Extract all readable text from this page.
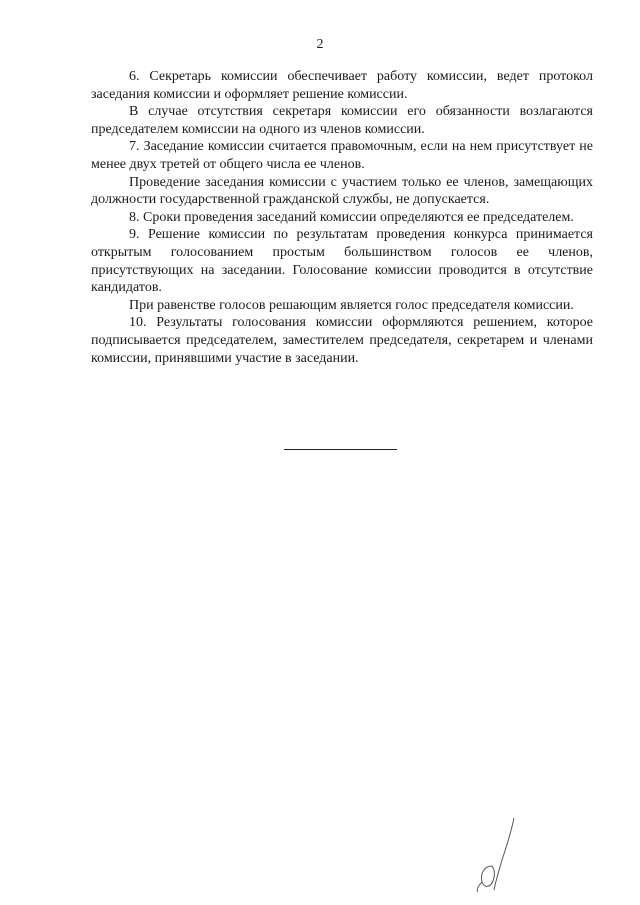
2

6. Секретарь комиссии обеспечивает работу комиссии, ведет протокол заседания комиссии и оформляет решение комиссии.

В случае отсутствия секретаря комиссии его обязанности возлагаются председателем комиссии на одного из членов комиссии.

7. Заседание комиссии считается правомочным, если на нем присутствует не менее двух третей от общего числа ее членов.

Проведение заседания комиссии с участием только ее членов, замещающих должности государственной гражданской службы, не допускается.

8. Сроки проведения заседаний комиссии определяются ее председателем.

9. Решение комиссии по результатам проведения конкурса принимается открытым голосованием простым большинством голосов ее членов, присутствующих на заседании. Голосование комиссии проводится в отсутствие кандидатов.

При равенстве голосов решающим является голос председателя комиссии.

10. Результаты голосования комиссии оформляются решением, которое подписывается председателем, заместителем председателя, секретарем и членами комиссии, принявшими участие в заседании.
